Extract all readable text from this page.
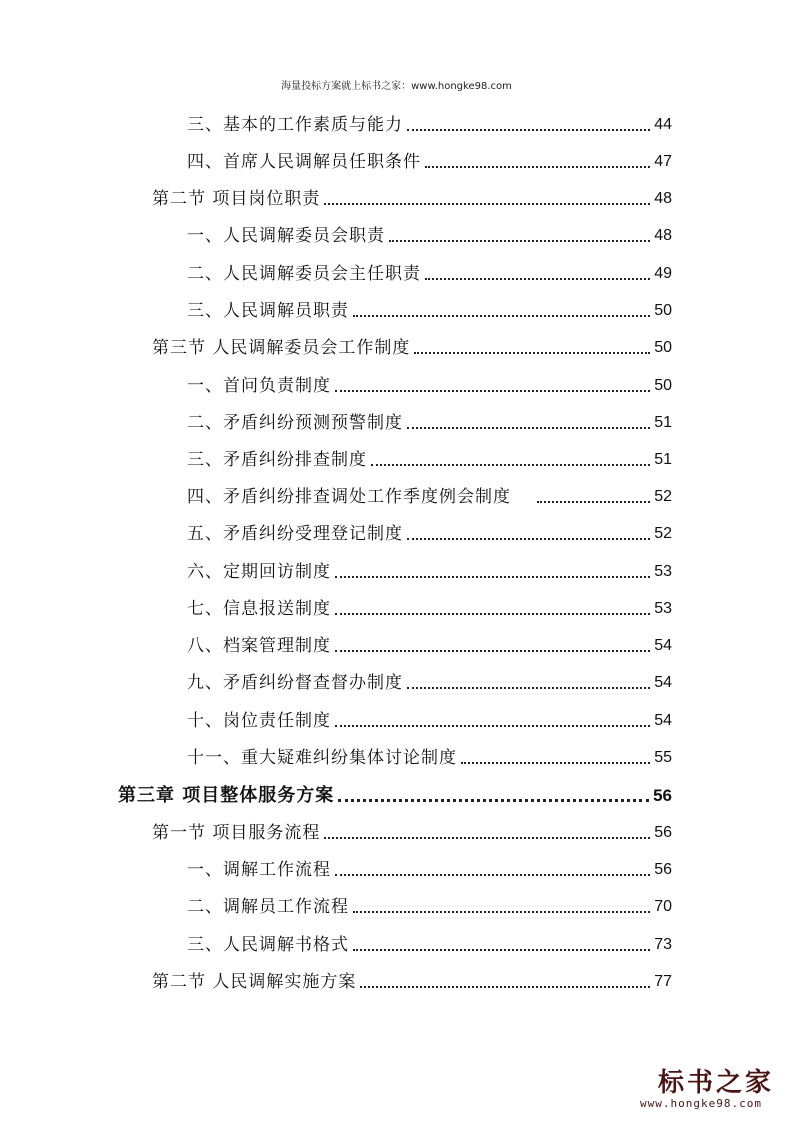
海量投标方案就上标书之家：www.hongke98.com
三、基本的工作素质与能力	44
四、首席人民调解员任职条件	47
第二节 项目岗位职责	48
一、人民调解委员会职责	48
二、人民调解委员会主任职责	49
三、人民调解员职责	50
第三节 人民调解委员会工作制度	50
一、首问负责制度	50
二、矛盾纠纷预测预警制度	51
三、矛盾纠纷排查制度	51
四、矛盾纠纷排查调处工作季度例会制度	52
五、矛盾纠纷受理登记制度	52
六、定期回访制度	53
七、信息报送制度	53
八、档案管理制度	54
九、矛盾纠纷督查督办制度	54
十、岗位责任制度	54
十一、重大疑难纠纷集体讨论制度	55
第三章 项目整体服务方案	56
第一节 项目服务流程	56
一、调解工作流程	56
二、调解员工作流程	70
三、人民调解书格式	73
第二节 人民调解实施方案	77
标书之家
www.hongke98.com
